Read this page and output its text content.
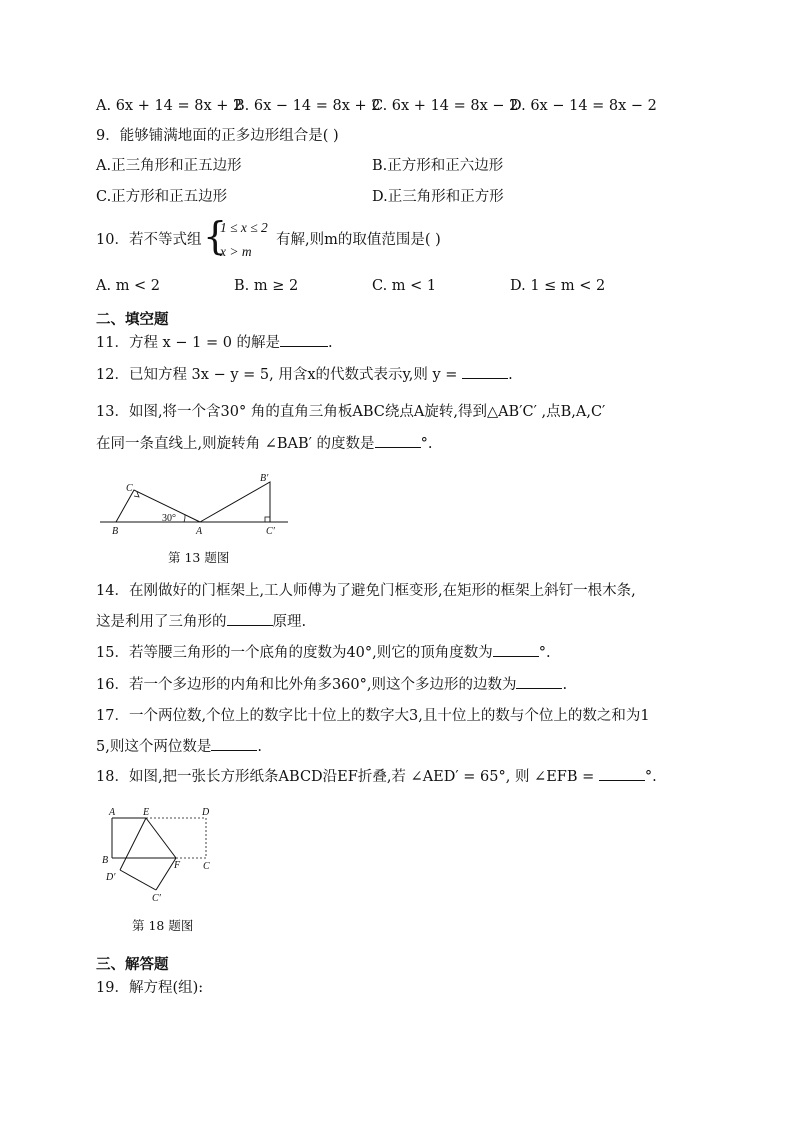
A. 6x + 14 = 8x + 2
B. 6x − 14 = 8x + 2
C. 6x + 14 = 8x − 2
D. 6x − 14 = 8x − 2
9．能够铺满地面的正多边形组合是( )
A.正三角形和正五边形	B.正方形和正六边形
C.正方形和正五边形	D.正三角形和正方形
10．若不等式组 {
1 ≤ x ≤ 2
x > m
有解,则m的取值范围是( )
A. m < 2	B. m ≥ 2	C. m < 1	D. 1 ≤ m < 2
二、填空题
11．方程 x − 1 = 0 的解是	.
12．已知方程 3x − y = 5, 用含x的代数式表示y,则 y =	.
13．如图,将一个含30° 角的直角三角板ABC绕点A旋转,得到△AB′C′ ,点B,A,C′
在同一条直线上,则旋转角 ∠BAB′ 的度数是	°.
C
B	A
B′
C′
30°
第 13 题图
14．在刚做好的门框架上,工人师傅为了避免门框变形,在矩形的框架上斜钉一根木条,
这是利用了三角形的	原理.
15．若等腰三角形的一个底角的度数为40°,则它的顶角度数为	°.
16．若一个多边形的内角和比外角多360°,则这个多边形的边数为	.
17．一个两位数,个位上的数字比十位上的数字大3,且十位上的数与个位上的数之和为1
5,则这个两位数是	.
18．如图,把一张长方形纸条ABCD沿EF折叠,若 ∠AED′ = 65°, 则 ∠EFB =	°.
A	E	D
B	F C
D′
C′
第 18 题图
三、解答题
19．解方程(组):
